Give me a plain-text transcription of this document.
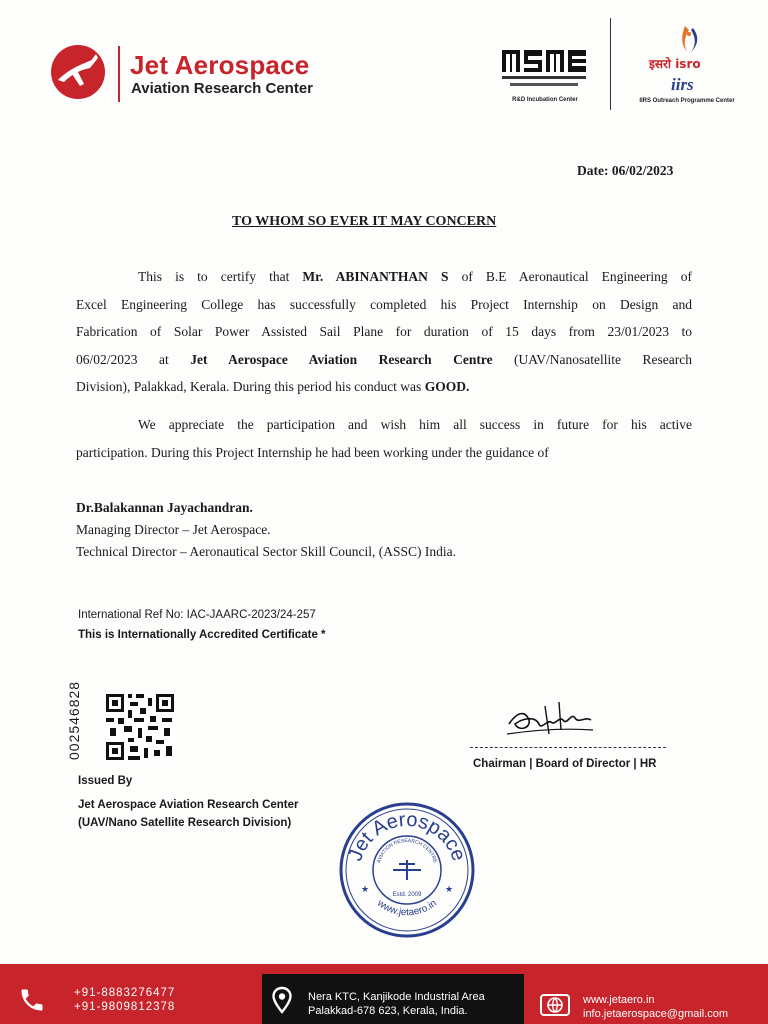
Jet Aerospace
Aviation Research Center
R&D Incubation Center
इसरो isro
iirs
IIRS Outreach Programme Center
Date: 06/02/2023
TO WHOM SO EVER IT MAY CONCERN
This is to certify that Mr. ABINANTHAN S of B.E Aeronautical Engineering of
Excel Engineering College has successfully completed his Project Internship on Design and
Fabrication of Solar Power Assisted Sail Plane for duration of 15 days from 23/01/2023 to
06/02/2023 at Jet Aerospace Aviation Research Centre (UAV/Nanosatellite Research
Division), Palakkad, Kerala. During this period his conduct was GOOD.
We appreciate the participation and wish him all success in future for his active
participation. During this Project Internship he had been working under the guidance of
Dr.Balakannan Jayachandran.
Managing Director – Jet Aerospace.
Technical Director – Aeronautical Sector Skill Council, (ASSC) India.
International Ref No: IAC-JAARC-2023/24-257
This is Internationally Accredited Certificate *
002546828
Issued By
Jet Aerospace Aviation Research Center
(UAV/Nano Satellite Research Division)
Chairman | Board of Director | HR
Jet Aerospace
AVIATION RESEARCH CENTRE
www.jetaero.in
Estd. 2009
★	★
+91-8883276477
+91-9809812378
Nera KTC, Kanjikode Industrial Area
Palakkad-678 623, Kerala, India.
www.jetaero.in
info.jetaerospace@gmail.com
